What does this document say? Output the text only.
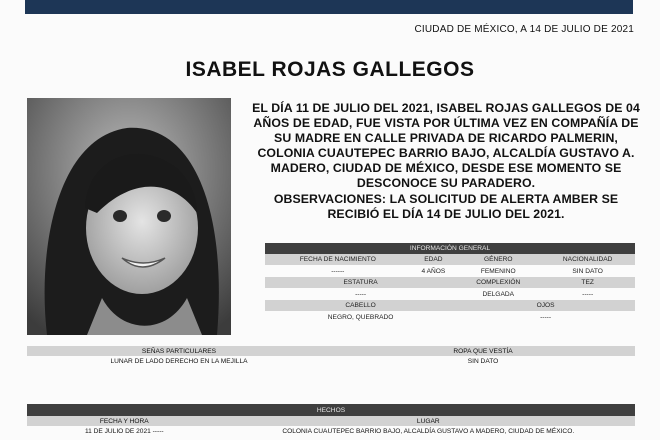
CIUDAD DE MÉXICO, A 14 DE JULIO DE 2021
ISABEL ROJAS GALLEGOS

EL DÍA 11 DE JULIO DEL 2021, ISABEL ROJAS GALLEGOS DE 04 AÑOS DE EDAD, FUE VISTA POR ÚLTIMA VEZ EN COMPAÑÍA DE SU MADRE EN CALLE PRIVADA DE RICARDO PALMERIN, COLONIA CUAUTEPEC BARRIO BAJO, ALCALDÍA GUSTAVO A. MADERO, CIUDAD DE MÉXICO, DESDE ESE MOMENTO SE DESCONOCE SU PARADERO.

OBSERVACIONES: LA SOLICITUD DE ALERTA AMBER SE RECIBIÓ EL DÍA 14 DE JULIO DEL 2021.

INFORMACIÓN GENERAL			
FECHA DE NACIMIENTO	EDAD	GÉNERO	NACIONALIDAD
------	4 AÑOS	FEMENINO	SIN DATO
ESTATURA		COMPLEXIÓN	TEZ
-----		DELGADA	-----
CABELLO		OJOS	
NEGRO, QUEBRADO		-----	
SEÑAS PARTICULARES	ROPA QUE VESTÍA
LUNAR DE LADO DERECHO EN LA MEJILLA	SIN DATO
HECHOS	
FECHA Y HORA	LUGAR
11 DE JULIO DE 2021 -----	COLONIA CUAUTEPEC BARRIO BAJO, ALCALDÍA GUSTAVO A MADERO, CIUDAD DE MÉXICO.
